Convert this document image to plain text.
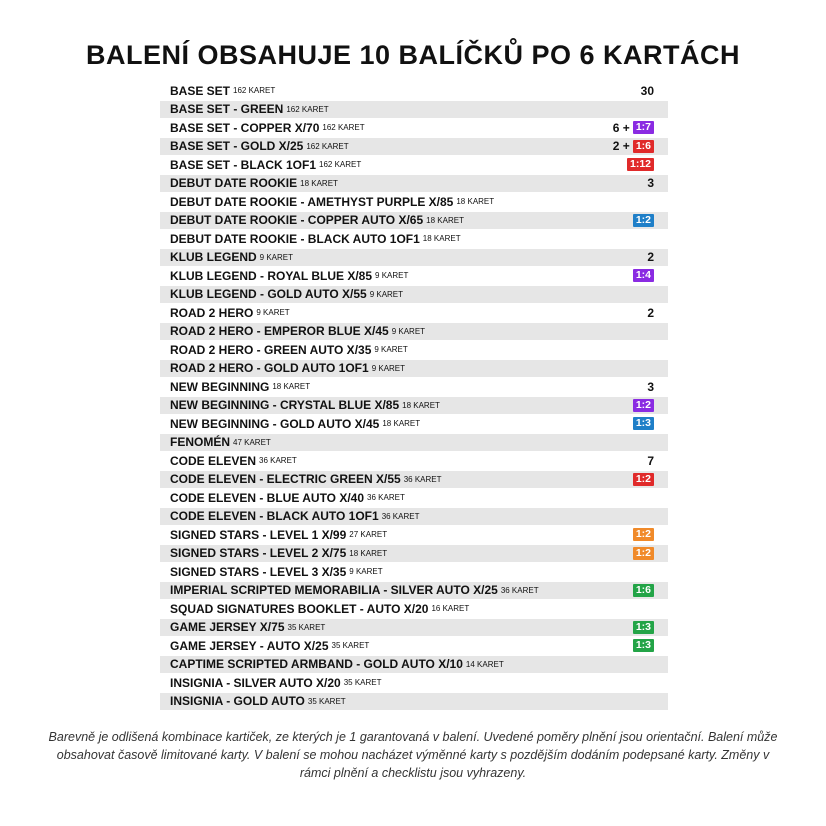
BALENÍ OBSAHUJE 10 BALÍČKŮ PO 6 KARTÁCH
BASE SET 162 KARET	30
BASE SET - GREEN 162 KARET
BASE SET - COPPER X/70 162 KARET	6 + 1:7
BASE SET - GOLD X/25 162 KARET	2 + 1:6
BASE SET - BLACK 1OF1 162 KARET	1:12
DEBUT DATE ROOKIE 18 KARET	3
DEBUT DATE ROOKIE - AMETHYST PURPLE X/85 18 KARET
DEBUT DATE ROOKIE - COPPER AUTO X/65 18 KARET	1:2
DEBUT DATE ROOKIE - BLACK AUTO 1OF1 18 KARET
KLUB LEGEND 9 KARET	2
KLUB LEGEND - ROYAL BLUE X/85 9 KARET	1:4
KLUB LEGEND - GOLD AUTO X/55 9 KARET
ROAD 2 HERO 9 KARET	2
ROAD 2 HERO - EMPEROR BLUE X/45 9 KARET
ROAD 2 HERO - GREEN AUTO X/35 9 KARET
ROAD 2 HERO - GOLD AUTO 1OF1 9 KARET
NEW BEGINNING 18 KARET	3
NEW BEGINNING - CRYSTAL BLUE X/85 18 KARET	1:2
NEW BEGINNING - GOLD AUTO X/45 18 KARET	1:3
FENOMÉN 47 KARET
CODE ELEVEN 36 KARET	7
CODE ELEVEN - ELECTRIC GREEN X/55 36 KARET	1:2
CODE ELEVEN - BLUE AUTO X/40 36 KARET
CODE ELEVEN - BLACK AUTO 1OF1 36 KARET
SIGNED STARS - LEVEL 1 X/99 27 KARET	1:2
SIGNED STARS - LEVEL 2 X/75 18 KARET	1:2
SIGNED STARS - LEVEL 3 X/35 9 KARET
IMPERIAL SCRIPTED MEMORABILIA - SILVER AUTO X/25 36 KARET	1:6
SQUAD SIGNATURES BOOKLET - AUTO X/20 16 KARET
GAME JERSEY X/75 35 KARET	1:3
GAME JERSEY - AUTO X/25 35 KARET	1:3
CAPTIME SCRIPTED ARMBAND - GOLD AUTO X/10 14 KARET
INSIGNIA - SILVER AUTO X/20 35 KARET
INSIGNIA - GOLD AUTO 35 KARET
Barevně je odlišená kombinace kartiček, ze kterých je 1 garantovaná v balení. Uvedené poměry plnění jsou orientační. Balení může obsahovat časově limitované karty. V balení se mohou nacházet výměnné karty s pozdějším dodáním podepsané karty. Změny v rámci plnění a checklistu jsou vyhrazeny.
